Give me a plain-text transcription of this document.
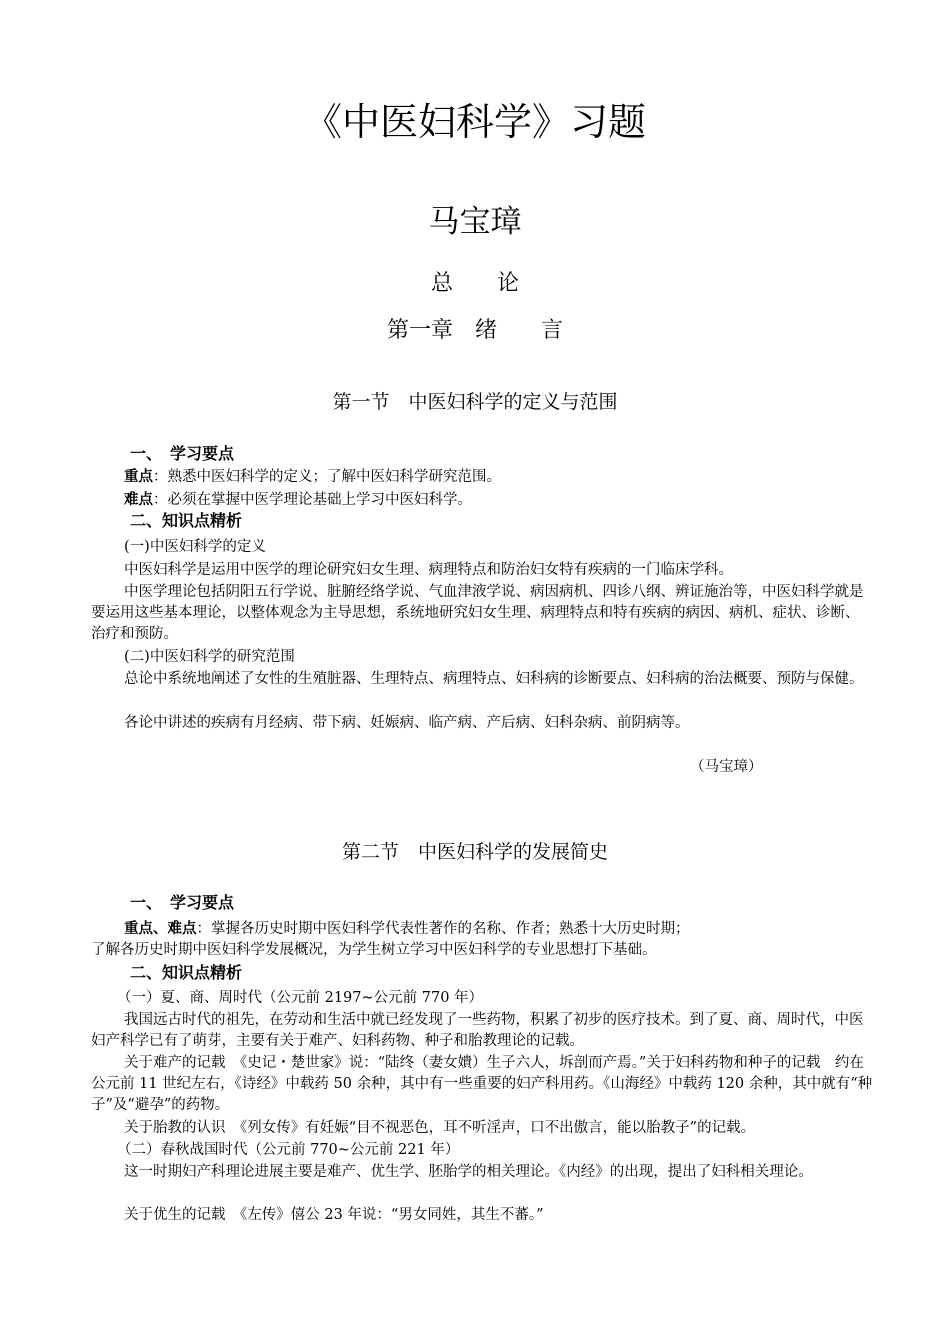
《中医妇科学》习题
马宝璋
总　　论
第一章　绪　　言
第一节　中医妇科学的定义与范围
一、　学习要点
重点：熟悉中医妇科学的定义；了解中医妇科学研究范围。
难点：必须在掌握中医学理论基础上学习中医妇科学。
二、知识点精析
(一)中医妇科学的定义
中医妇科学是运用中医学的理论研究妇女生理、病理特点和防治妇女特有疾病的一门临床学科。
中医学理论包括阴阳五行学说、脏腑经络学说、气血津液学说、病因病机、四诊八纲、辨证施治等，中医妇科学就是要运用这些基本理论，以整体观念为主导思想，系统地研究妇女生理、病理特点和特有疾病的病因、病机、症状、诊断、治疗和预防。
(二)中医妇科学的研究范围
总论中系统地阐述了女性的生殖脏器、生理特点、病理特点、妇科病的诊断要点、妇科病的治法概要、预防与保健。
各论中讲述的疾病有月经病、带下病、妊娠病、临产病、产后病、妇科杂病、前阴病等。
（马宝璋）
第二节　中医妇科学的发展简史
一、　学习要点
重点、难点：掌握各历史时期中医妇科学代表性著作的名称、作者；熟悉十大历史时期；
了解各历史时期中医妇科学发展概况，为学生树立学习中医妇科学的专业思想打下基础。
二、知识点精析
（一）夏、商、周时代（公元前 2197~公元前 770 年）
我国远古时代的祖先，在劳动和生活中就已经发现了一些药物，积累了初步的医疗技术。到了夏、商、周时代，中医妇产科学已有了萌芽，主要有关于难产、妇科药物、种子和胎教理论的记载。
关于难产的记载　《史记・楚世家》说：“陆终（妻女嬇）生子六人，坼剖而产焉。”关于妇科药物和种子的记载　约在公元前 11 世纪左右，《诗经》中载药 50 余种，其中有一些重要的妇产科用药。《山海经》中载药 120 余种，其中就有“种子”及“避孕”的药物。
关于胎教的认识　《列女传》有妊娠“目不视恶色，耳不听淫声，口不出傲言，能以胎教子”的记载。
（二）春秋战国时代（公元前 770~公元前 221 年）
这一时期妇产科理论进展主要是难产、优生学、胚胎学的相关理论。《内经》的出现，提出了妇科相关理论。
关于优生的记载　《左传》僖公 23 年说：“男女同姓，其生不蕃。”
